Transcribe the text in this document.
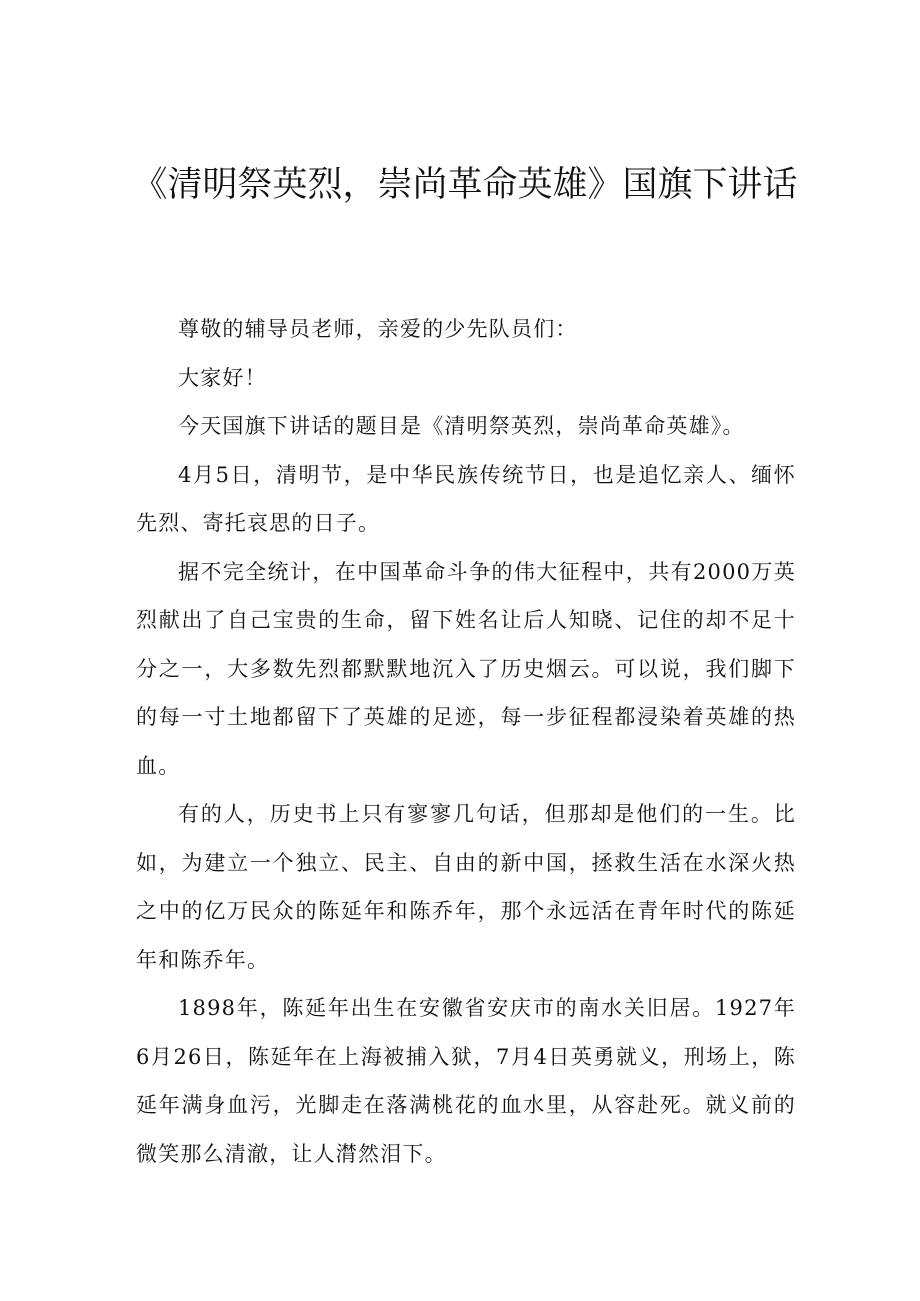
《清明祭英烈，崇尚革命英雄》国旗下讲话

尊敬的辅导员老师，亲爱的少先队员们：

大家好！

今天国旗下讲话的题目是《清明祭英烈，崇尚革命英雄》。

4月5日，清明节，是中华民族传统节日，也是追忆亲人、缅怀先烈、寄托哀思的日子。

据不完全统计，在中国革命斗争的伟大征程中，共有2000万英烈献出了自己宝贵的生命，留下姓名让后人知晓、记住的却不足十分之一，大多数先烈都默默地沉入了历史烟云。可以说，我们脚下的每一寸土地都留下了英雄的足迹，每一步征程都浸染着英雄的热血。

有的人，历史书上只有寥寥几句话，但那却是他们的一生。比如，为建立一个独立、民主、自由的新中国，拯救生活在水深火热之中的亿万民众的陈延年和陈乔年，那个永远活在青年时代的陈延年和陈乔年。

1898年，陈延年出生在安徽省安庆市的南水关旧居。1927年6月26日，陈延年在上海被捕入狱，7月4日英勇就义，刑场上，陈延年满身血污，光脚走在落满桃花的血水里，从容赴死。就义前的微笑那么清澈，让人潸然泪下。
